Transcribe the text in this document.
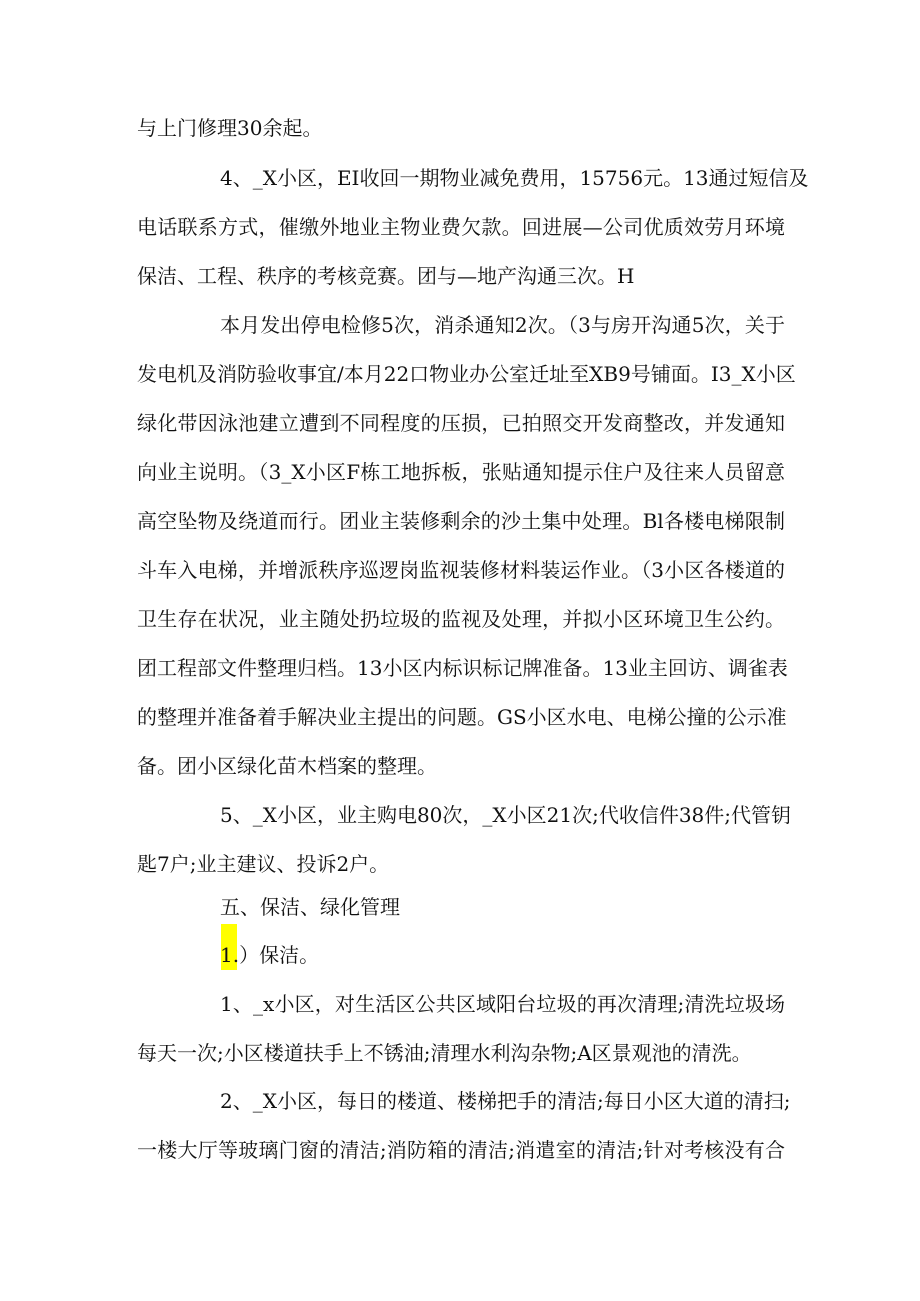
与上门修理30余起。

4、_X小区，EI收回一期物业减免费用，15756元。13通过短信及

电话联系方式，催缴外地业主物业费欠款。回进展—公司优质效劳月环境

保洁、工程、秩序的考核竞赛。团与—地产沟通三次。H

本月发出停电检修5次，消杀通知2次。（3与房开沟通5次，关于

发电机及消防验收事宜/本月22口物业办公室迁址至XB9号铺面。I3_X小区

绿化带因泳池建立遭到不同程度的压损，已拍照交开发商整改，并发通知

向业主说明。（3_X小区F栋工地拆板，张贴通知提示住户及往来人员留意

高空坠物及绕道而行。团业主装修剩余的沙土集中处理。Bl各楼电梯限制

斗车入电梯，并增派秩序巡逻岗监视装修材料装运作业。（3小区各楼道的

卫生存在状况，业主随处扔垃圾的监视及处理，并拟小区环境卫生公约。

团工程部文件整理归档。13小区内标识标记牌准备。13业主回访、调雀表

的整理并准备着手解决业主提出的问题。GS小区水电、电梯公撞的公示准

备。团小区绿化苗木档案的整理。

5、_X小区，业主购电80次，_X小区21次;代收信件38件;代管钥

匙7户;业主建议、投诉2户。

五、保洁、绿化管理

1.）保洁。

1、_x小区，对生活区公共区域阳台垃圾的再次清理;清洗垃圾场

每天一次;小区楼道扶手上不锈油;清理水利沟杂物;A区景观池的清洗。

2、_X小区，每日的楼道、楼梯把手的清洁;每日小区大道的清扫;

一楼大厅等玻璃门窗的清洁;消防箱的清洁;消遣室的清洁;针对考核没有合
